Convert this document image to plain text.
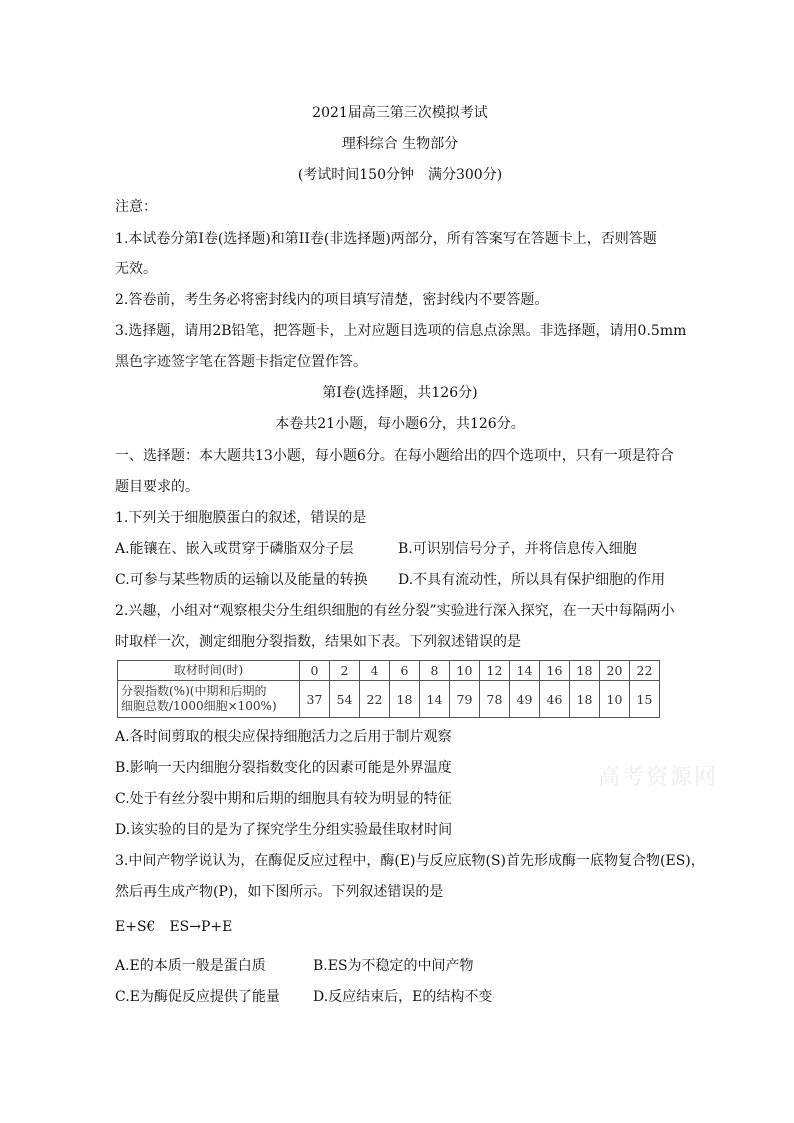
2021届高三第三次模拟考试
理科综合 生物部分
(考试时间150分钟　满分300分)
注意：
1.本试卷分第I卷(选择题)和第II卷(非选择题)两部分，所有答案写在答题卡上，否则答题
无效。
2.答卷前，考生务必将密封线内的项目填写清楚，密封线内不要答题。
3.选择题，请用2B铅笔，把答题卡，上对应题目选项的信息点涂黑。非选择题，请用0.5mm
黑色字迹签字笔在答题卡指定位置作答。
第I卷(选择题，共126分)
本卷共21小题，每小题6分，共126分。
一、选择题：本大题共13小题，每小题6分。在每小题给出的四个选项中，只有一项是符合
题目要求的。
1.下列关于细胞膜蛋白的叙述，错误的是
A.能镶在、嵌入或贯穿于磷脂双分子层	B.可识别信号分子，并将信息传入细胞
C.可参与某些物质的运输以及能量的转换 D.不具有流动性，所以具有保护细胞的作用
2.兴趣，小组对“观察根尖分生组织细胞的有丝分裂”实验进行深入探究，在一天中每隔两小
时取样一次，测定细胞分裂指数，结果如下表。下列叙述错误的是
取材时间(时)	0	2	4	6	8	10	12	14	16	18	20	22

分裂指数(%)(中期和后期的
细胞总数/1000细胞×100%)	37	54	22	18	14	79	78	49	46	18	10	15
A.各时间剪取的根尖应保持细胞活力之后用于制片观察
B.影响一天内细胞分裂指数变化的因素可能是外界温度
C.处于有丝分裂中期和后期的细胞具有较为明显的特征
D.该实验的目的是为了探究学生分组实验最佳取材时间
高考资源网
3.中间产物学说认为，在酶促反应过程中，酶(E)与反应底物(S)首先形成酶一底物复合物(ES)，
然后再生成产物(P)，如下图所示。下列叙述错误的是
E+S€　ES→P+E
A.E的本质一般是蛋白质	B.ES为不稳定的中间产物
C.E为酶促反应提供了能量 D.反应结束后，E的结构不变
